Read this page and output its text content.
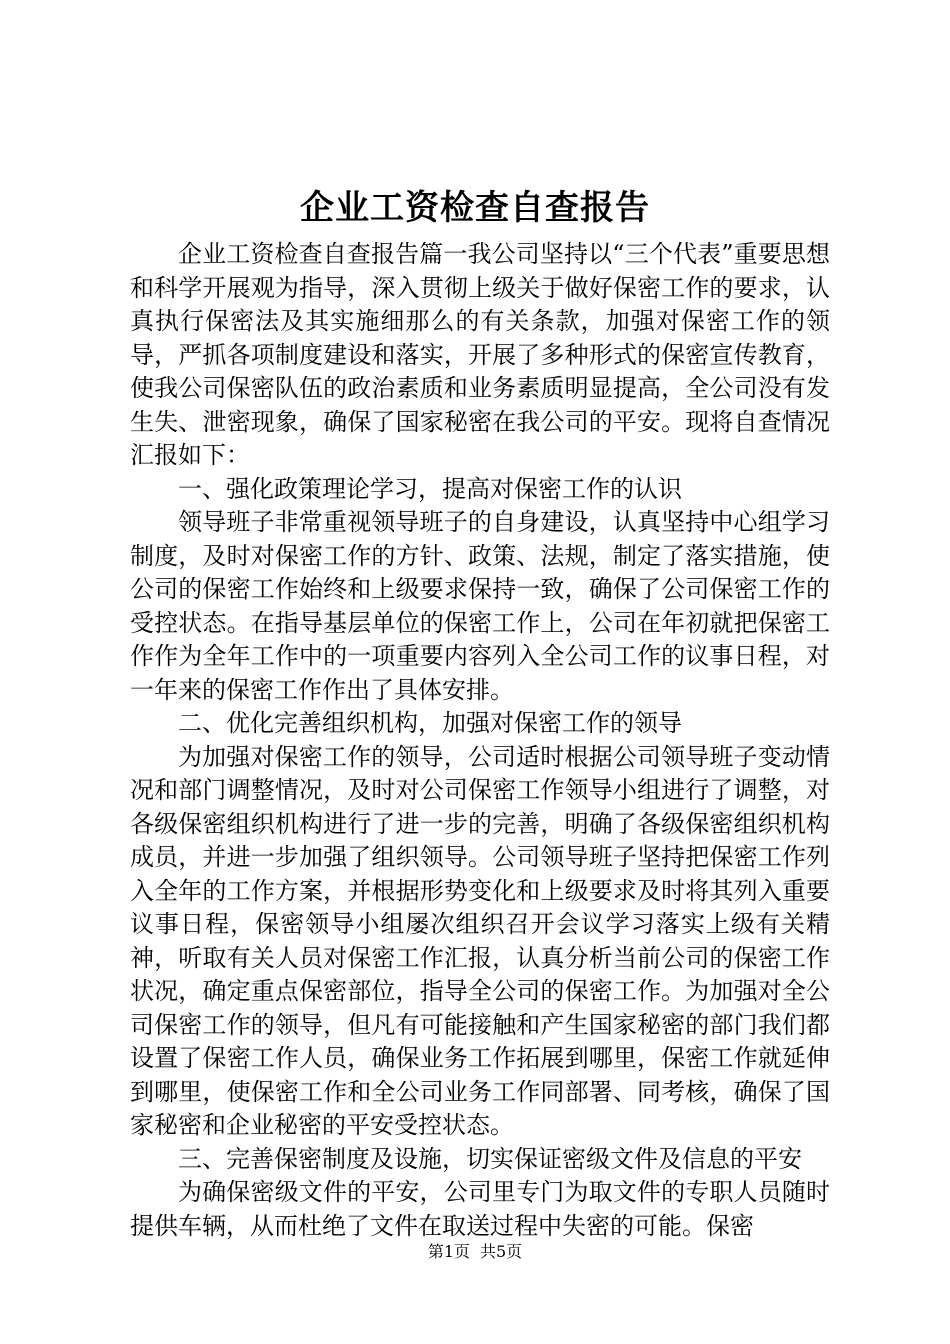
企业工资检查自查报告

企业工资检查自查报告篇一我公司坚持以“三个代表”重要思想和科学开展观为指导，深入贯彻上级关于做好保密工作的要求，认真执行保密法及其实施细那么的有关条款，加强对保密工作的领导，严抓各项制度建设和落实，开展了多种形式的保密宣传教育，使我公司保密队伍的政治素质和业务素质明显提高，全公司没有发生失、泄密现象，确保了国家秘密在我公司的平安。现将自查情况汇报如下：

一、强化政策理论学习，提高对保密工作的认识

领导班子非常重视领导班子的自身建设，认真坚持中心组学习制度，及时对保密工作的方针、政策、法规，制定了落实措施，使公司的保密工作始终和上级要求保持一致，确保了公司保密工作的受控状态。在指导基层单位的保密工作上，公司在年初就把保密工作作为全年工作中的一项重要内容列入全公司工作的议事日程，对一年来的保密工作作出了具体安排。

二、优化完善组织机构，加强对保密工作的领导

为加强对保密工作的领导，公司适时根据公司领导班子变动情况和部门调整情况，及时对公司保密工作领导小组进行了调整，对各级保密组织机构进行了进一步的完善，明确了各级保密组织机构成员，并进一步加强了组织领导。公司领导班子坚持把保密工作列入全年的工作方案，并根据形势变化和上级要求及时将其列入重要议事日程，保密领导小组屡次组织召开会议学习落实上级有关精神，听取有关人员对保密工作汇报，认真分析当前公司的保密工作状况，确定重点保密部位，指导全公司的保密工作。为加强对全公司保密工作的领导，但凡有可能接触和产生国家秘密的部门我们都设置了保密工作人员，确保业务工作拓展到哪里，保密工作就延伸到哪里，使保密工作和全公司业务工作同部署、同考核，确保了国家秘密和企业秘密的平安受控状态。

三、完善保密制度及设施，切实保证密级文件及信息的平安

为确保密级文件的平安，公司里专门为取文件的专职人员随时提供车辆，从而杜绝了文件在取送过程中失密的可能。保密

第1页 共5页
